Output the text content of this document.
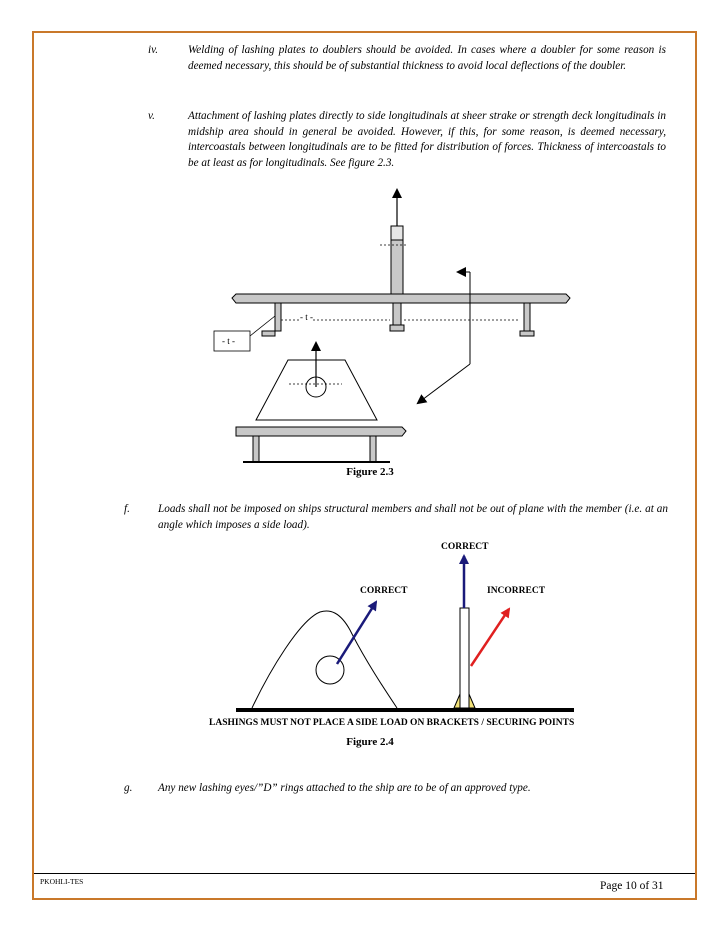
iv.	Welding of lashing plates to doublers should be avoided. In cases where a doubler for some reason is deemed necessary, this should be of substantial thickness to avoid local deflections of the doubler.
v.	Attachment of lashing plates directly to side longitudinals at sheer strake or strength deck longitudinals in midship area should in general be avoided. However, if this, for some reason, is deemed necessary, intercoastals between longitudinals are to be fitted for distribution of forces. Thickness of intercoastals to be at least as for longitudinals. See figure 2.3.
- t -
- t -
Figure 2.3
f.	Loads shall not be imposed on ships structural members and shall not be out of plane with the member (i.e. at an angle which imposes a side load).
CORRECT
CORRECT	INCORRECT
LASHINGS MUST NOT PLACE A SIDE LOAD ON BRACKETS / SECURING POINTS
Figure 2.4
g. Any new lashing eyes/”D” rings attached to the ship are to be of an approved type.
PKOHLI-TES	Page 10 of 31
